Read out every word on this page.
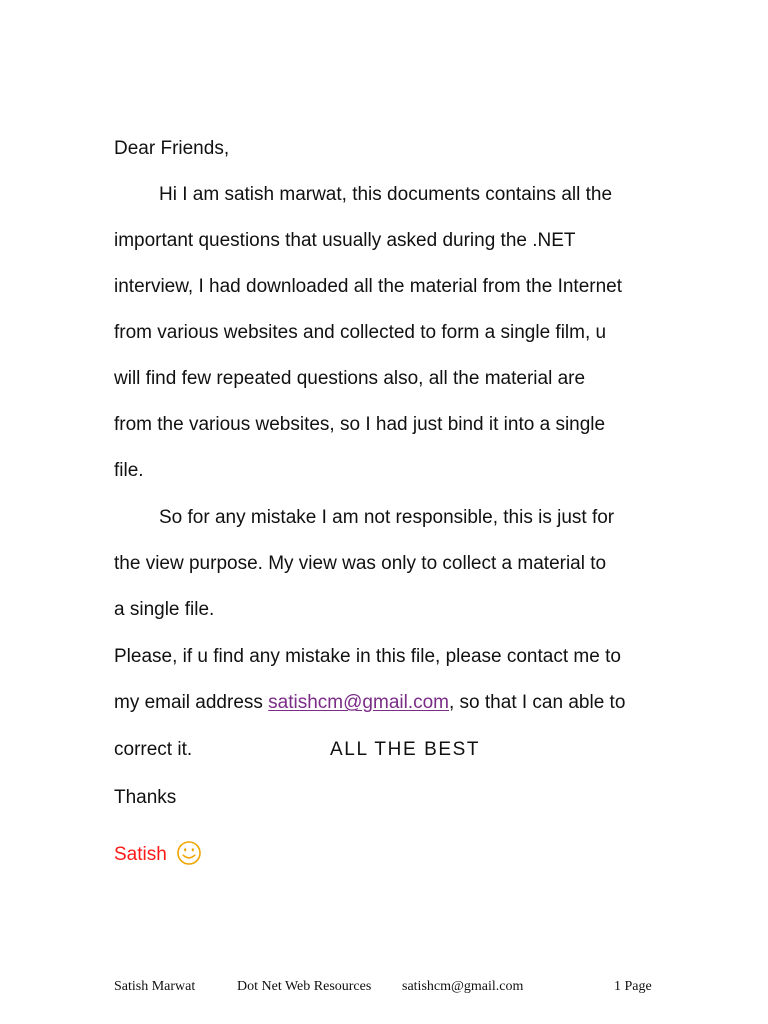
Dear Friends,
Hi I am satish marwat, this documents contains all the
important questions that usually asked during the .NET
interview, I had downloaded all the material from the Internet
from various websites and collected to form a single film, u
will find few repeated questions also, all the material are
from the various websites, so I had just bind it into a single
file.
So for any mistake I am not responsible, this is just for
the view purpose. My view was only to collect a material to
a single file.
Please, if u find any mistake in this file, please contact me to
my email address satishcm@gmail.com, so that I can able to
correct it.	ALL THE BEST
Thanks
Satish
Satish Marwat	Dot Net Web Resources satishcm@gmail.com	1 Page
